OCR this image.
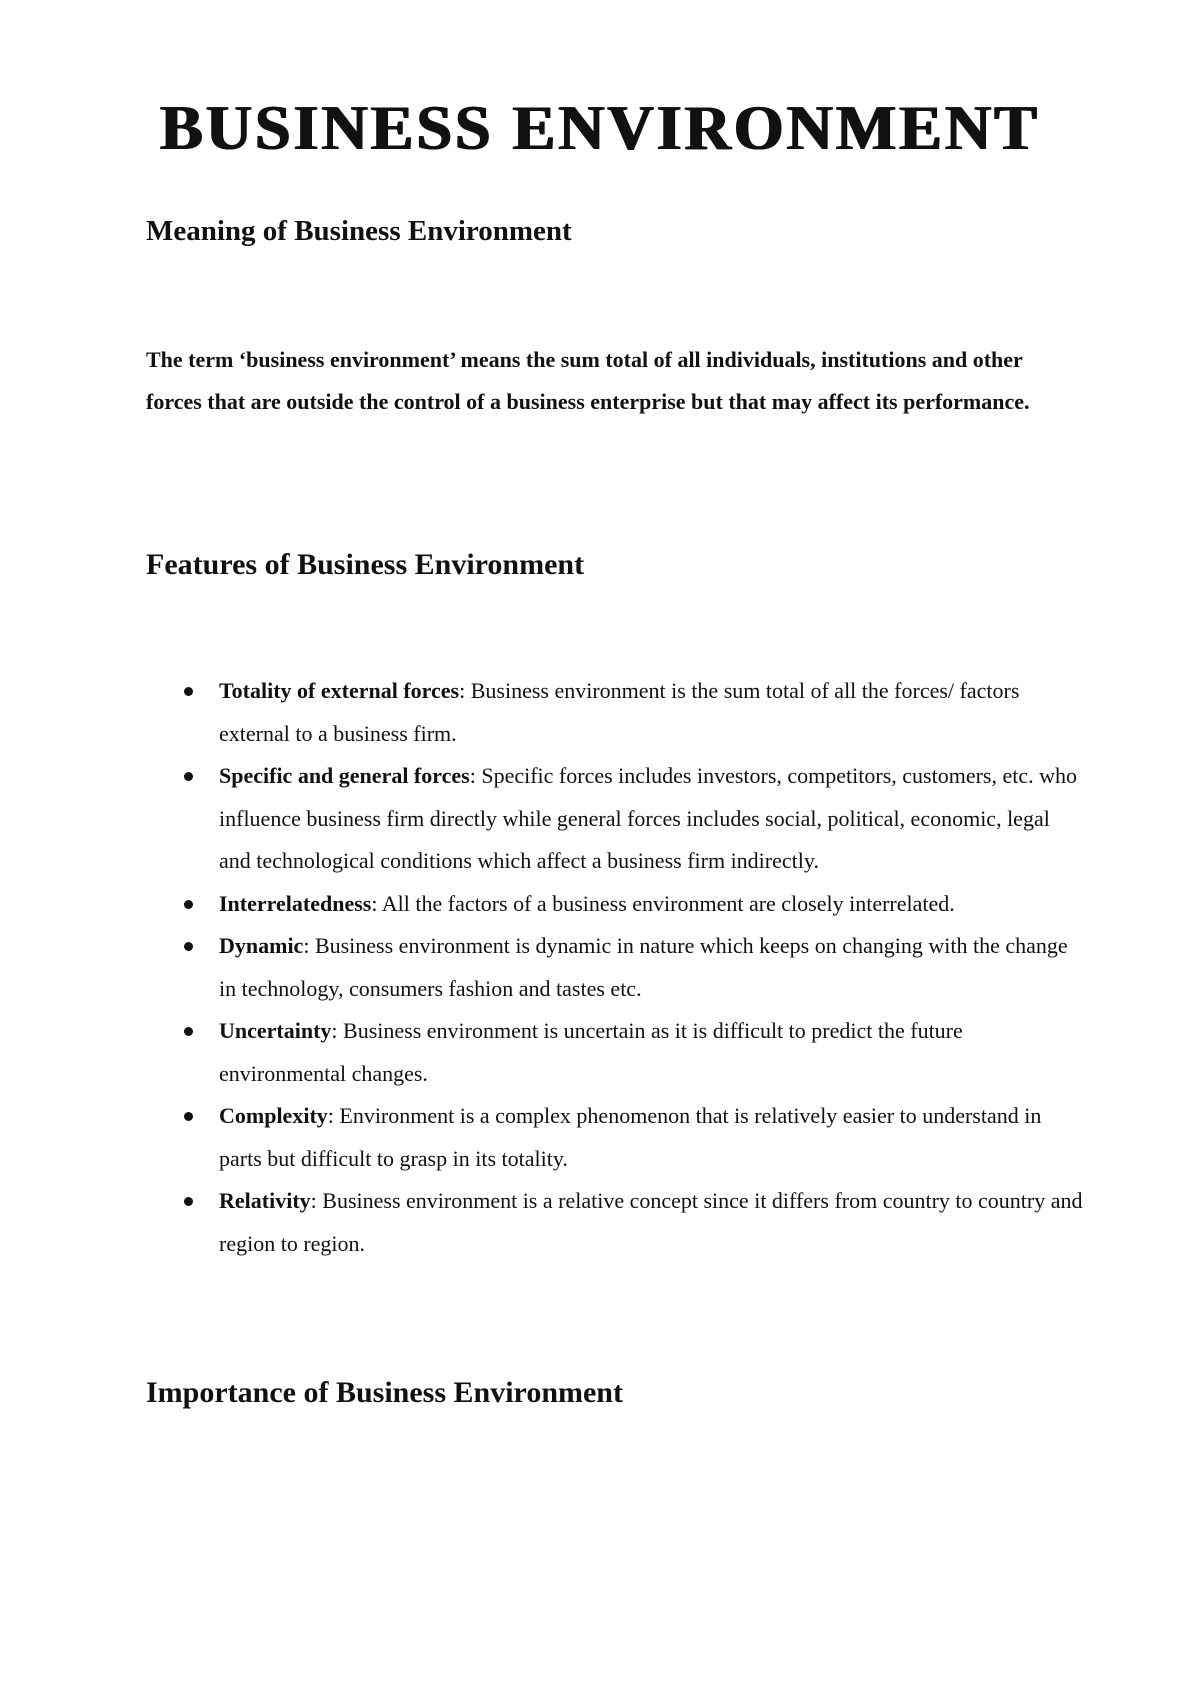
BUSINESS ENVIRONMENT
Meaning of Business Environment

The term ‘business environment’ means the sum total of all individuals, institutions and other forces that are outside the control of a business enterprise but that may affect its performance.

Features of Business Environment
Totality of external forces: Business environment is the sum total of all the forces/ factors external to a business firm.
Specific and general forces: Specific forces includes investors, competitors, customers, etc. who influence business firm directly while general forces includes social, political, economic, legal and technological conditions which affect a business firm indirectly.
Interrelatedness: All the factors of a business environment are closely interrelated.
Dynamic: Business environment is dynamic in nature which keeps on changing with the change in technology, consumers fashion and tastes etc.
Uncertainty: Business environment is uncertain as it is difficult to predict the future environmental changes.
Complexity: Environment is a complex phenomenon that is relatively easier to understand in parts but difficult to grasp in its totality.
Relativity: Business environment is a relative concept since it differs from country to country and region to region.
Importance of Business Environment
